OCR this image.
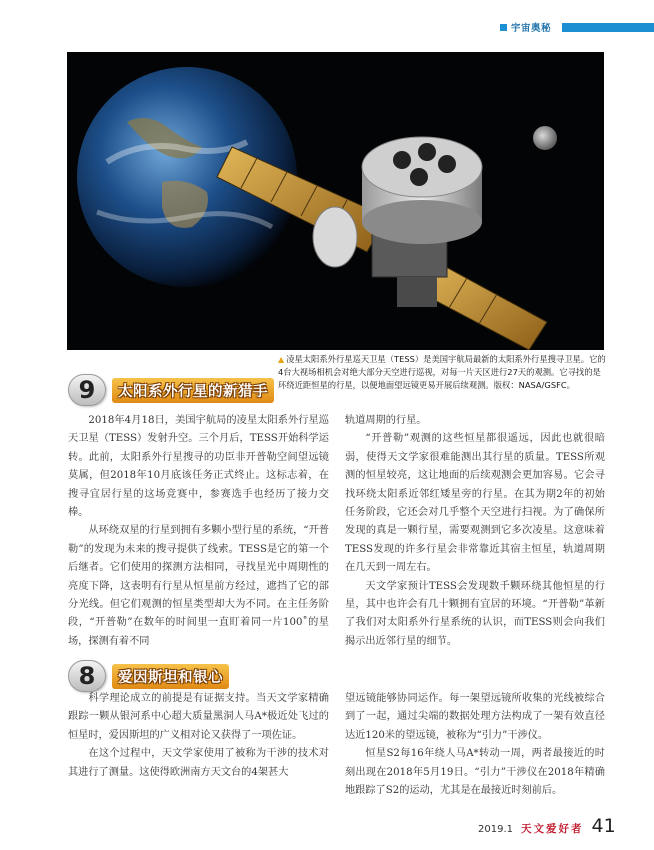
宇宙奥秘
▲ 凌星太阳系外行星巡天卫星（TESS）是美国宇航局最新的太阳系外行星搜寻卫星。它的4台大视场相机会对绝大部分天空进行巡视，对每一片天区进行27天的观测。它寻找的是环绕近距恒星的行星，以便地面望远镜更易开展后续观测。版权：NASA/GSFC。
9	太阳系外行星的新猎手

2018年4月18日，美国宇航局的凌星太阳系外行星巡天卫星（TESS）发射升空。三个月后，TESS开始科学运转。此前，太阳系外行星搜寻的功臣非开普勒空间望远镜莫属，但2018年10月底该任务正式终止。这标志着，在搜寻宜居行星的这场竞赛中，参赛选手也经历了接力交棒。

从环绕双星的行星到拥有多颗小型行星的系统，“开普勒”的发现为未来的搜寻提供了线索。TESS是它的第一个后继者。它们使用的探测方法相同，寻找星光中周期性的亮度下降，这表明有行星从恒星前方经过，遮挡了它的部分光线。但它们观测的恒星类型却大为不同。在主任务阶段，“开普勒”在数年的时间里一直盯着同一片100˚的星场，探测有着不同

轨道周期的行星。

“开普勒”观测的这些恒星都很遥远，因此也就很暗弱，使得天文学家很难能测出其行星的质量。TESS所观测的恒星较亮，这让地面的后续观测会更加容易。它会寻找环绕太阳系近邻红矮星旁的行星。在其为期2年的初始任务阶段，它还会对几乎整个天空进行扫视。为了确保所发现的真是一颗行星，需要观测到它多次凌星。这意味着TESS发现的许多行星会非常靠近其宿主恒星，轨道周期在几天到一周左右。

天文学家预计TESS会发现数千颗环绕其他恒星的行星，其中也许会有几十颗拥有宜居的环境。“开普勒”革新了我们对太阳系外行星系统的认识，而TESS则会向我们揭示出近邻行星的细节。

8	爱因斯坦和银心

科学理论成立的前提是有证据支持。当天文学家精确跟踪一颗从银河系中心超大质量黑洞人马A*极近处飞过的恒星时，爱因斯坦的广义相对论又获得了一项佐证。

在这个过程中，天文学家使用了被称为干涉的技术对其进行了测量。这使得欧洲南方天文台的4架甚大

望远镜能够协同运作。每一架望远镜所收集的光线被综合到了一起，通过尖端的数据处理方法构成了一架有效直径达近120米的望远镜，被称为“引力”干涉仪。

恒星S2每16年绕人马A*转动一周，两者最接近的时刻出现在2018年5月19日。“引力”干涉仪在2018年精确地跟踪了S2的运动，尤其是在最接近时刻前后。

2019.1 天文爱好者 41
